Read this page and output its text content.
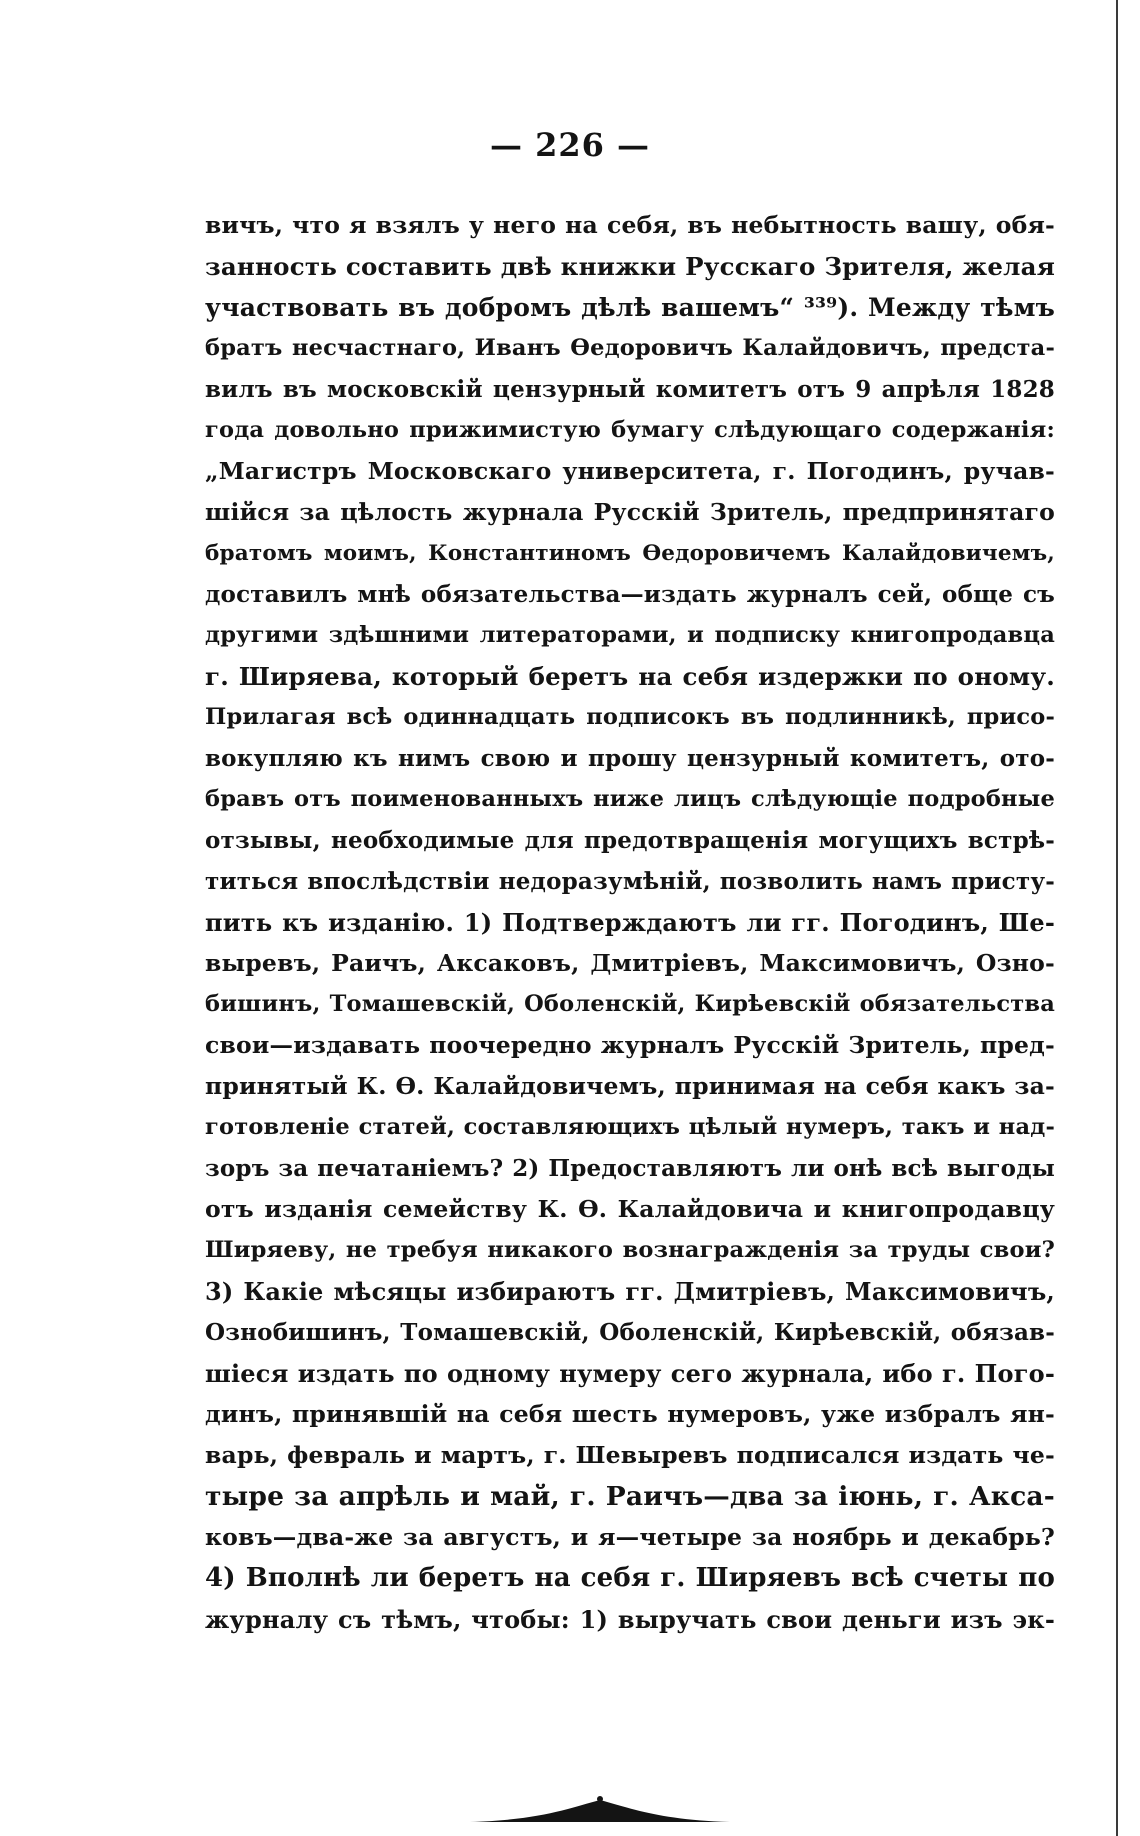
— 226 —
вичъ, что я взялъ у него на себя, въ небытность вашу, обя-
занность составить двѣ книжки Русскаго Зрителя, желая
участвовать въ добромъ дѣлѣ вашемъ“ ³³⁹). Между тѣмъ
братъ несчастнаго, Иванъ Ѳедоровичъ Калайдовичъ, предста-
вилъ въ московскій цензурный комитетъ отъ 9 апрѣля 1828
года довольно прижимистую бумагу слѣдующаго содержанія:
„Магистръ Московскаго университета, г. Погодинъ, ручав-
шійся за цѣлость журнала Русскій Зритель, предпринятаго
братомъ моимъ, Константиномъ Ѳедоровичемъ Калайдовичемъ,
доставилъ мнѣ обязательства—издать журналъ сей, обще съ
другими здѣшними литераторами, и подписку книгопродавца
г. Ширяева, который беретъ на себя издержки по оному.
Прилагая всѣ одиннадцать подписокъ въ подлинникѣ, присо-
вокупляю къ нимъ свою и прошу цензурный комитетъ, ото-
бравъ отъ поименованныхъ ниже лицъ слѣдующіе подробные
отзывы, необходимые для предотвращенія могущихъ встрѣ-
титься впослѣдствіи недоразумѣній, позволить намъ присту-
пить къ изданію. 1) Подтверждаютъ ли гг. Погодинъ, Ше-
выревъ, Раичъ, Аксаковъ, Дмитріевъ, Максимовичъ, Озно-
бишинъ, Томашевскій, Оболенскій, Кирѣевскій обязательства
свои—издавать поочередно журналъ Русскій Зритель, пред-
принятый К. Ѳ. Калайдовичемъ, принимая на себя какъ за-
готовленіе статей, составляющихъ цѣлый нумеръ, такъ и над-
зоръ за печатаніемъ? 2) Предоставляютъ ли онѣ всѣ выгоды
отъ изданія семейству К. Ѳ. Калайдовича и книгопродавцу
Ширяеву, не требуя никакого вознагражденія за труды свои?
3) Какіе мѣсяцы избираютъ гг. Дмитріевъ, Максимовичъ,
Ознобишинъ, Томашевскій, Оболенскій, Кирѣевскій, обязав-
шіеся издать по одному нумеру сего журнала, ибо г. Пого-
динъ, принявшій на себя шесть нумеровъ, уже избралъ ян-
варь, февраль и мартъ, г. Шевыревъ подписался издать че-
тыре за апрѣль и май, г. Раичъ—два за іюнь, г. Акса-
ковъ—два-же за августъ, и я—четыре за ноябрь и декабрь?
4) Вполнѣ ли беретъ на себя г. Ширяевъ всѣ счеты по
журналу съ тѣмъ, чтобы: 1) выручать свои деньги изъ эк-
